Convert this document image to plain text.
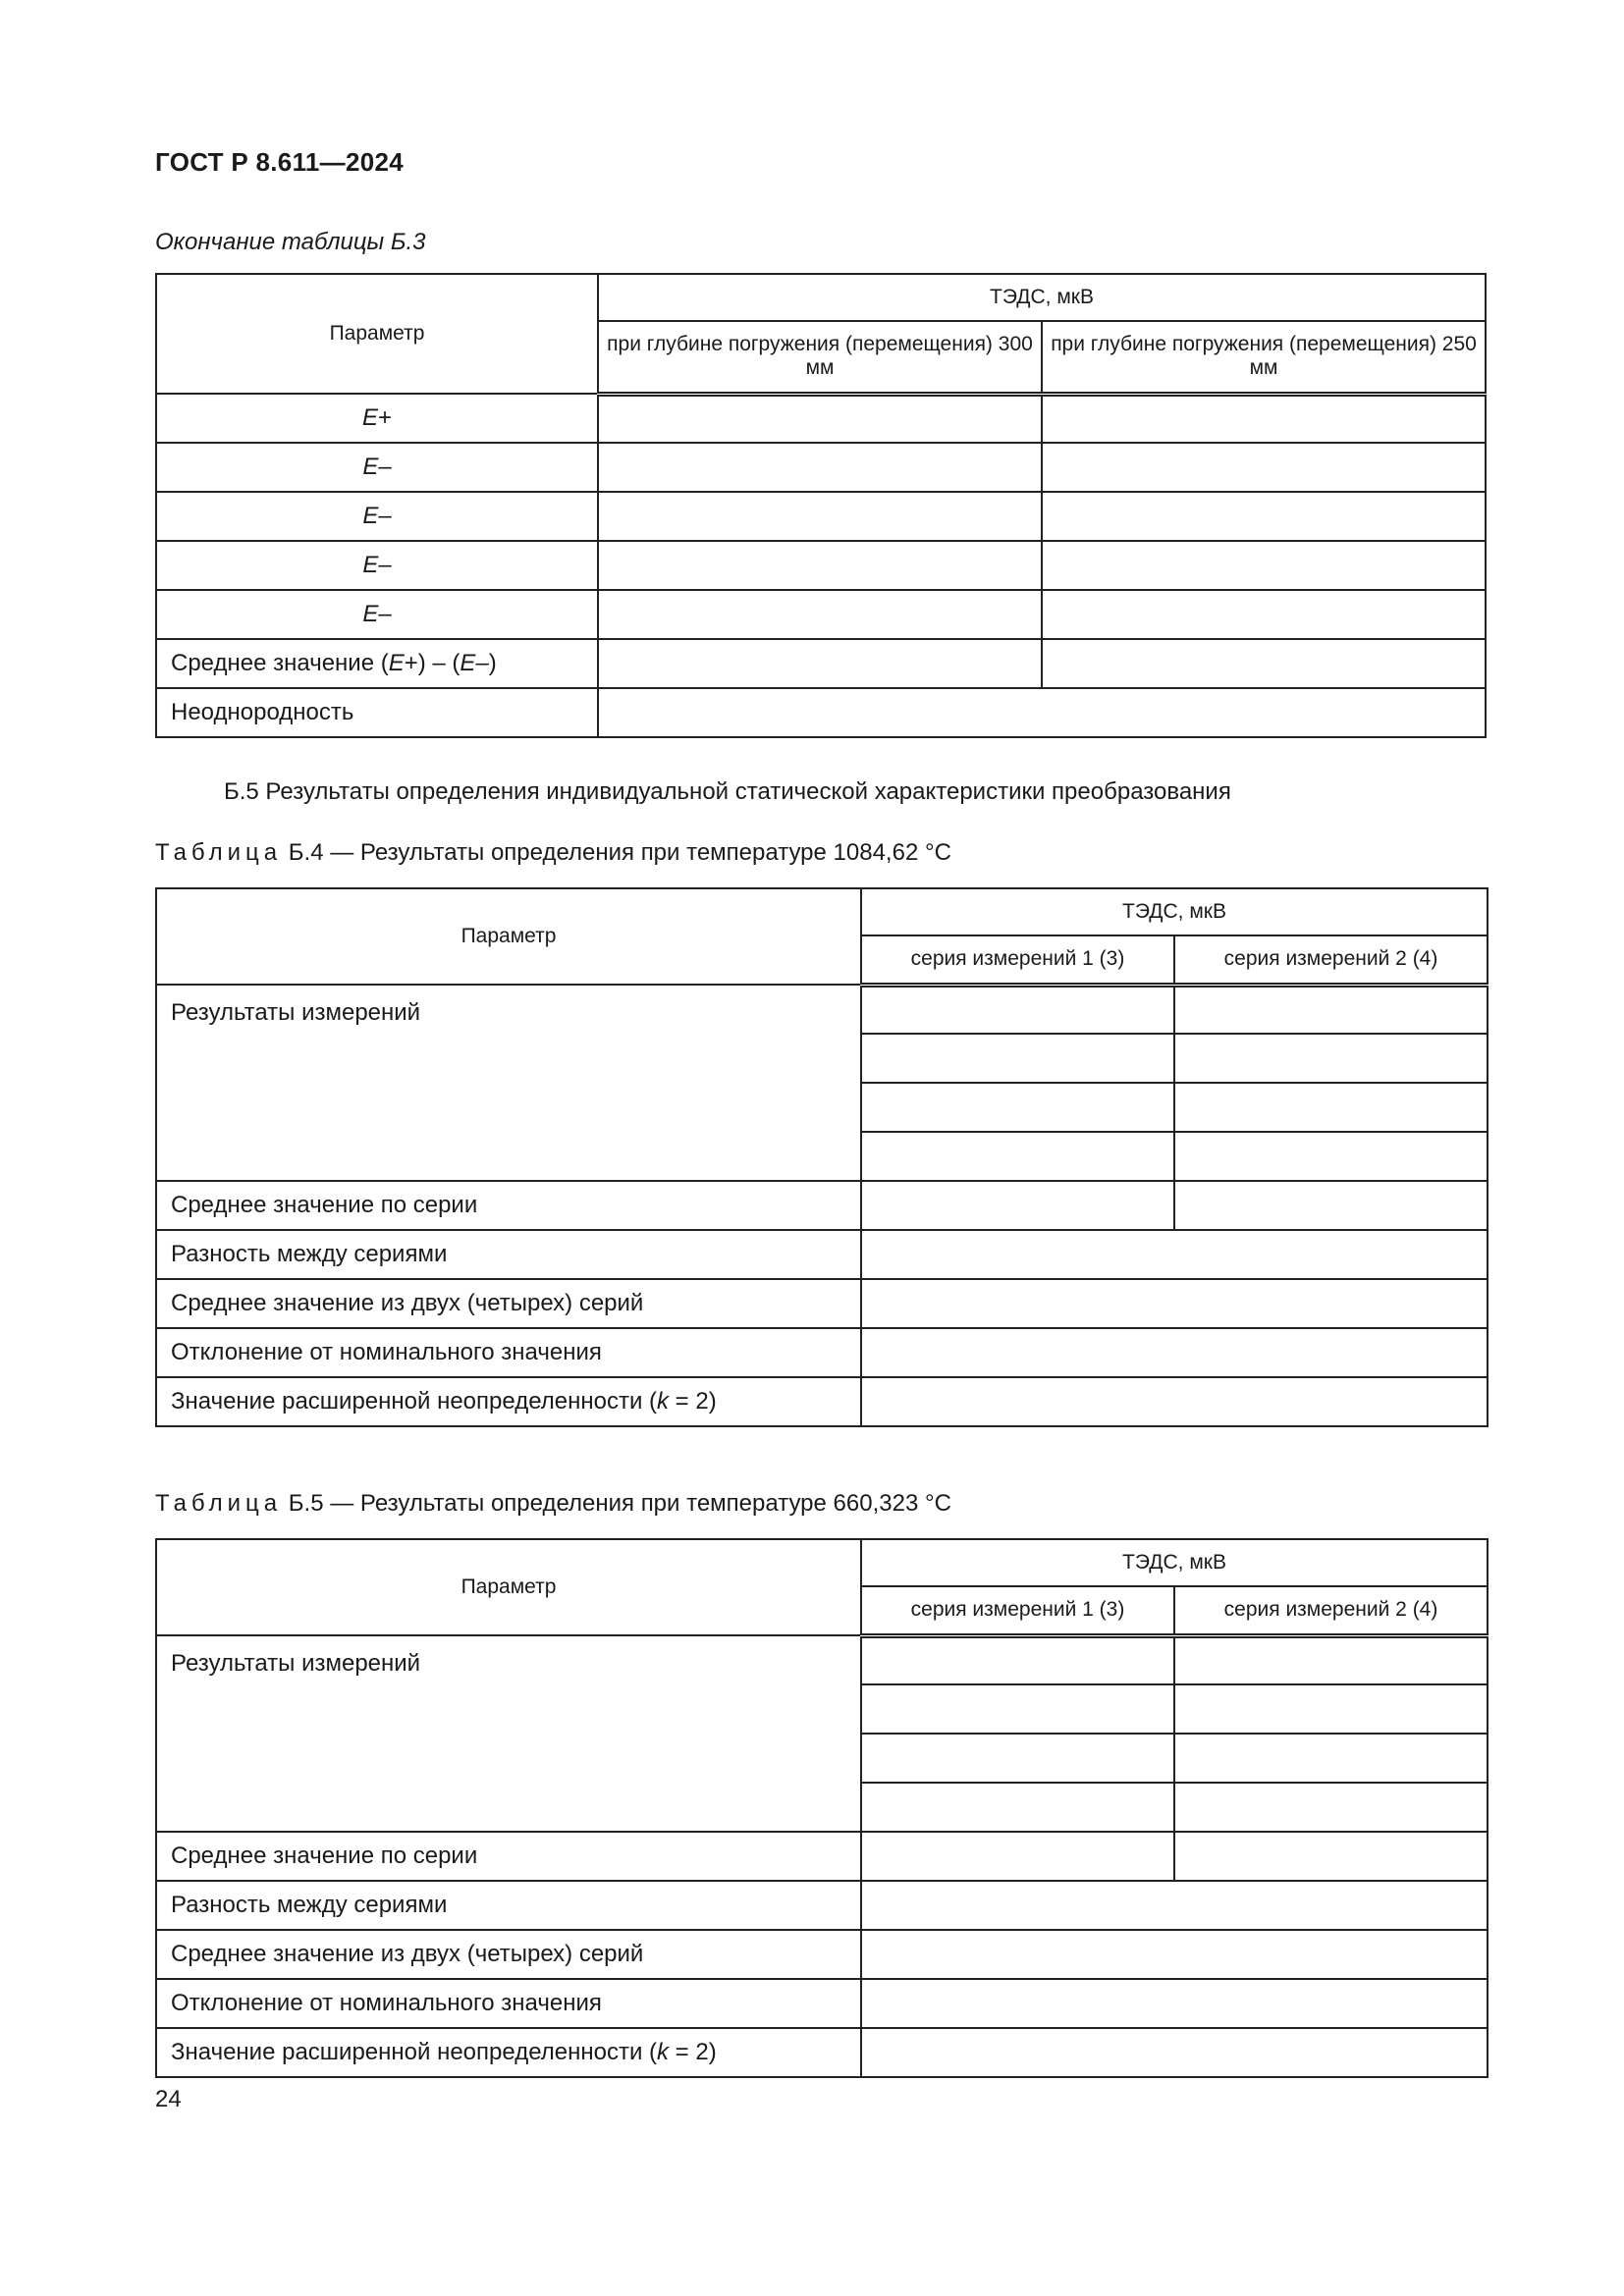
ГОСТ Р 8.611—2024
Окончание таблицы Б.3
Параметр	ТЭДС, мкВ	
	при глубине погружения (перемещения) 300 мм	при глубине погружения (перемещения) 250 мм
E+		
E–		
E–		
E–		
E–		
Среднее значение (E+) – (E–)		
Неоднородность		
Б.5 Результаты определения индивидуальной статической характеристики преобразования
Таблица Б.4 — Результаты определения при температуре 1084,62 °С
Параметр	ТЭДС, мкВ	
	серия измерений 1 (3)	серия измерений 2 (4)
Результаты измерений		

Среднее значение по серии		
Разность между сериями		
Среднее значение из двух (четырех) серий		
Отклонение от номинального значения		
Значение расширенной неопределенности (k = 2)		
Таблица Б.5 — Результаты определения при температуре 660,323 °С
Параметр	ТЭДС, мкВ	
	серия измерений 1 (3)	серия измерений 2 (4)
Результаты измерений		

Среднее значение по серии		
Разность между сериями		
Среднее значение из двух (четырех) серий		
Отклонение от номинального значения		
Значение расширенной неопределенности (k = 2)		
24
